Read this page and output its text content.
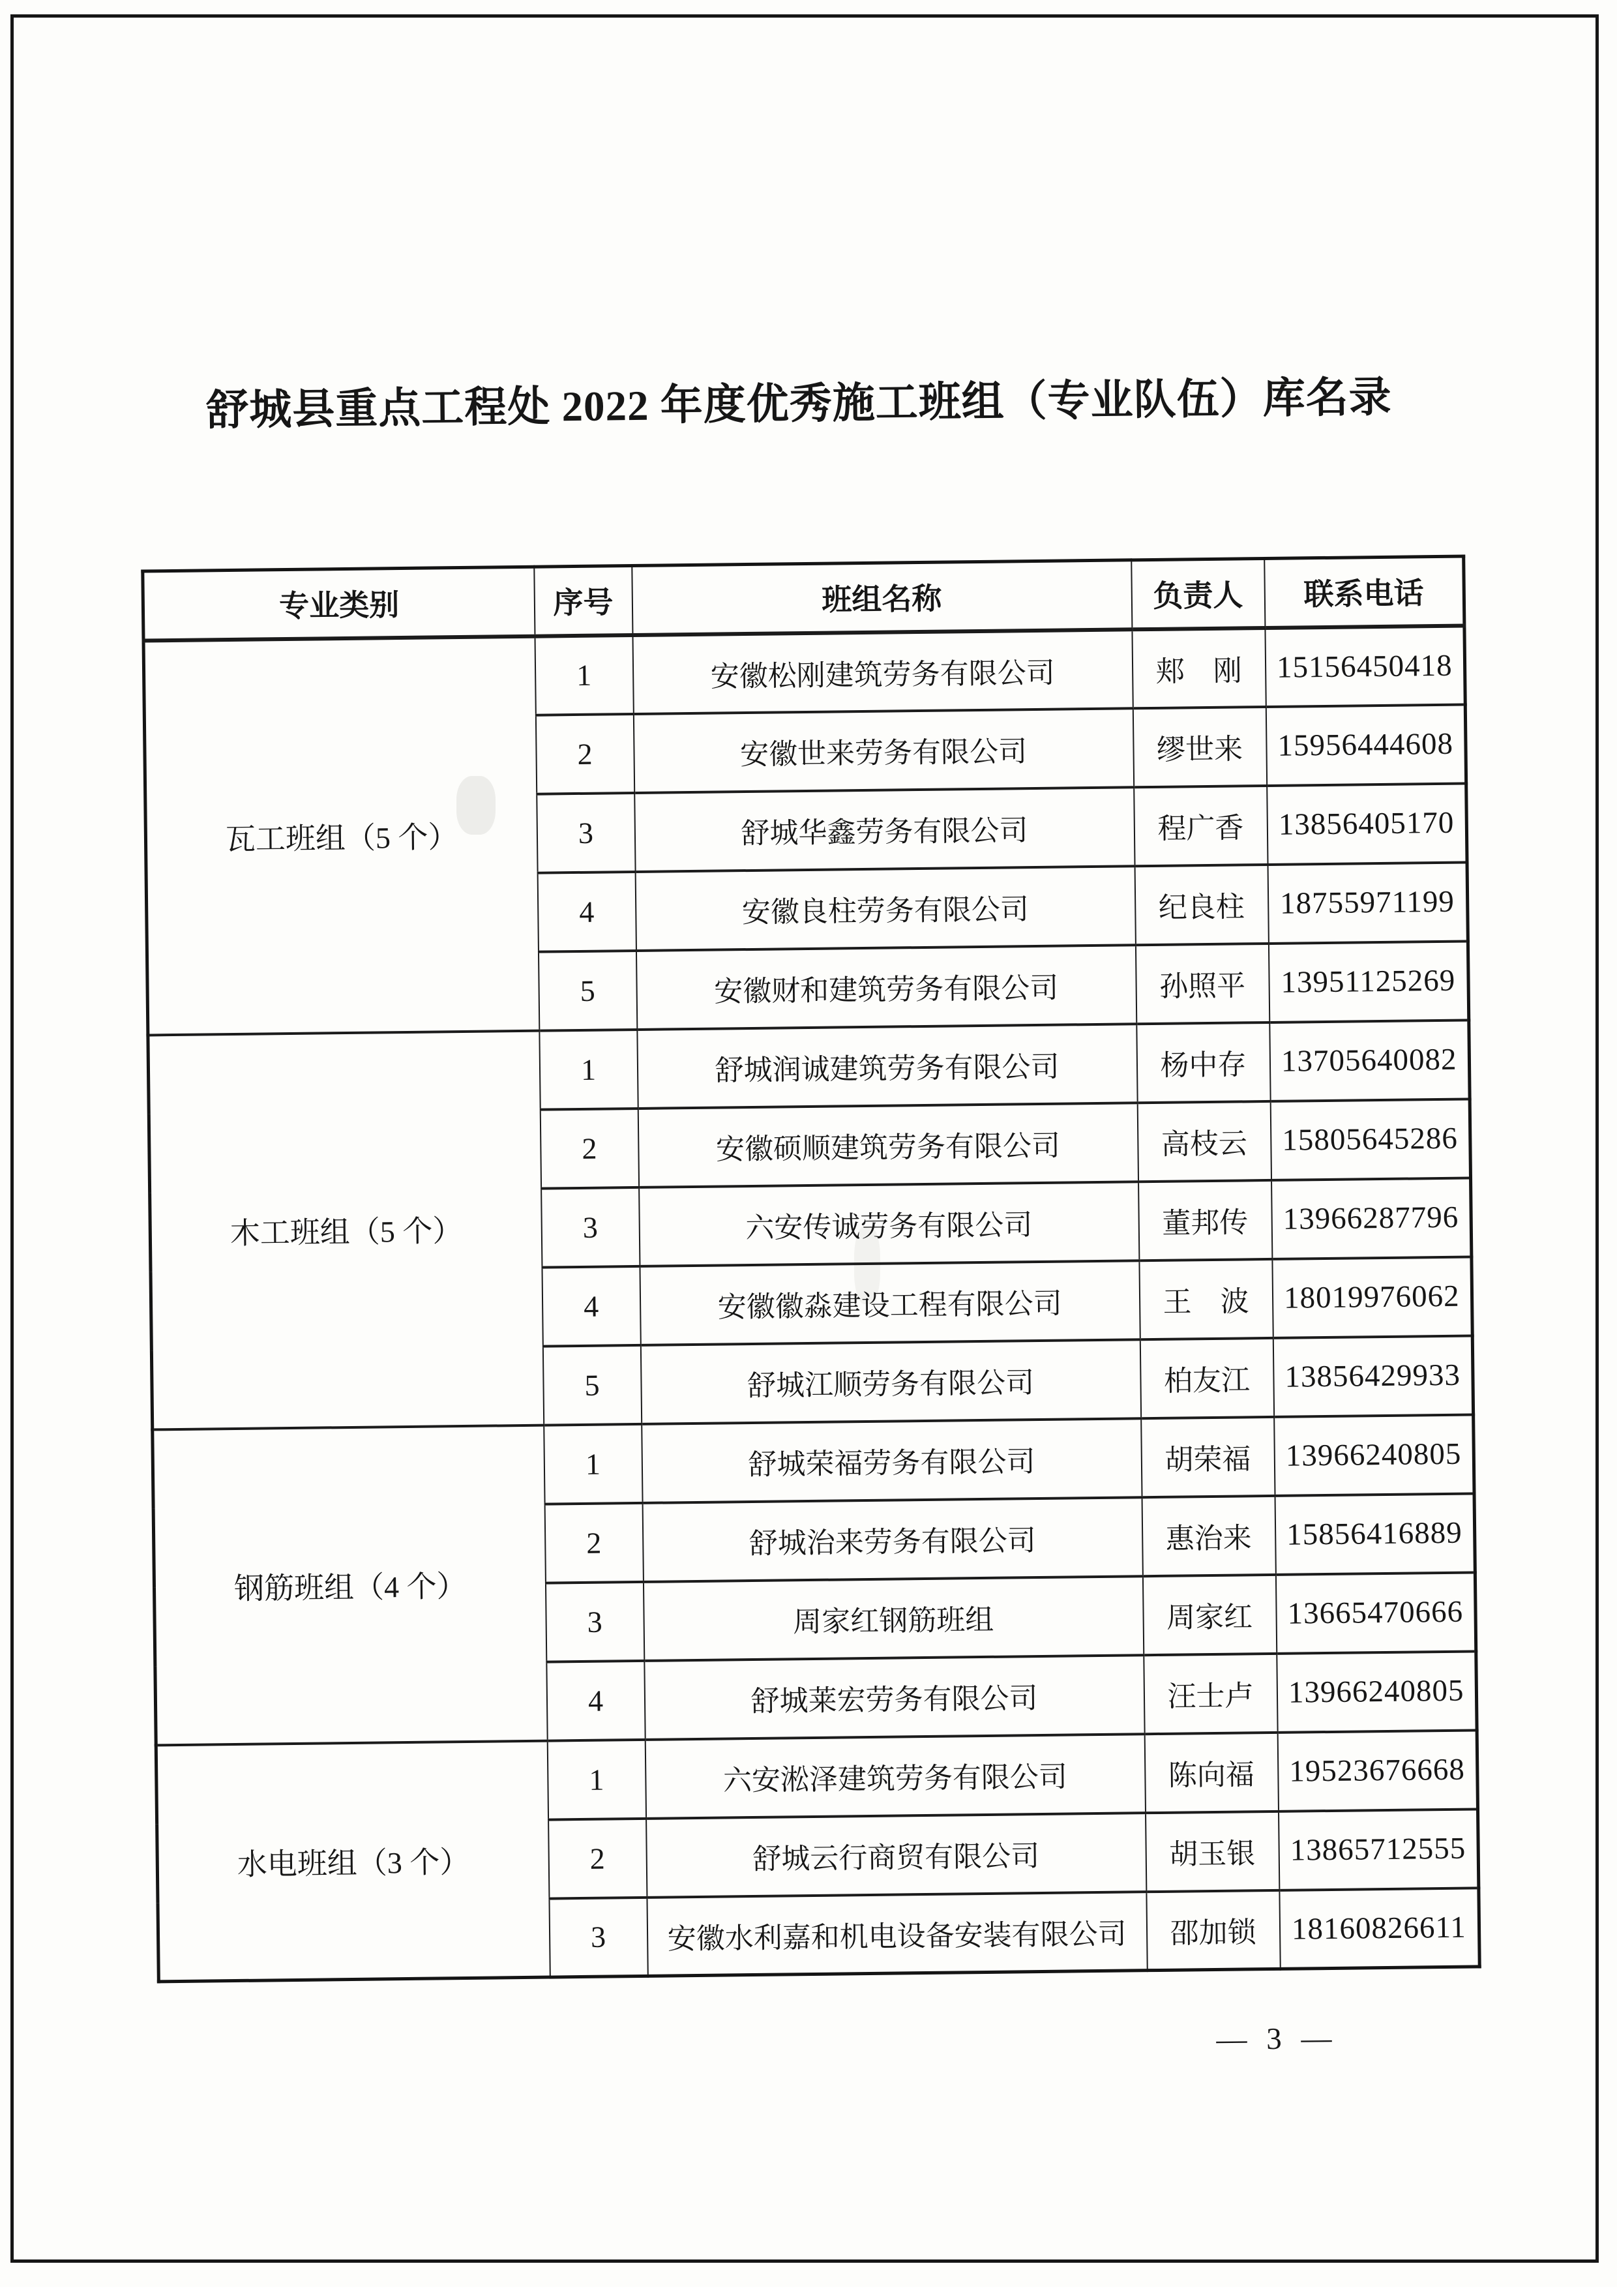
舒城县重点工程处 2022 年度优秀施工班组（专业队伍）库名录
专业类别	序号	班组名称	负责人	联系电话
瓦工班组（5 个）	1	安徽松刚建筑劳务有限公司	郏　刚	15156450418
	2	安徽世来劳务有限公司	缪世来	15956444608
	3	舒城华鑫劳务有限公司	程广香	13856405170
	4	安徽良柱劳务有限公司	纪良柱	18755971199
	5	安徽财和建筑劳务有限公司	孙照平	13951125269
木工班组（5 个）	1	舒城润诚建筑劳务有限公司	杨中存	13705640082
	2	安徽硕顺建筑劳务有限公司	高枝云	15805645286
	3	六安传诚劳务有限公司	董邦传	13966287796
	4	安徽徽淼建设工程有限公司	王　波	18019976062
	5	舒城江顺劳务有限公司	柏友江	13856429933
钢筋班组（4 个）	1	舒城荣福劳务有限公司	胡荣福	13966240805
	2	舒城治来劳务有限公司	惠治来	15856416889
	3	周家红钢筋班组	周家红	13665470666
	4	舒城莱宏劳务有限公司	汪士卢	13966240805
水电班组（3 个）	1	六安淞泽建筑劳务有限公司	陈向福	19523676668
	2	舒城云行商贸有限公司	胡玉银	13865712555
	3	安徽水利嘉和机电设备安装有限公司	邵加锁	18160826611
— 3 —
